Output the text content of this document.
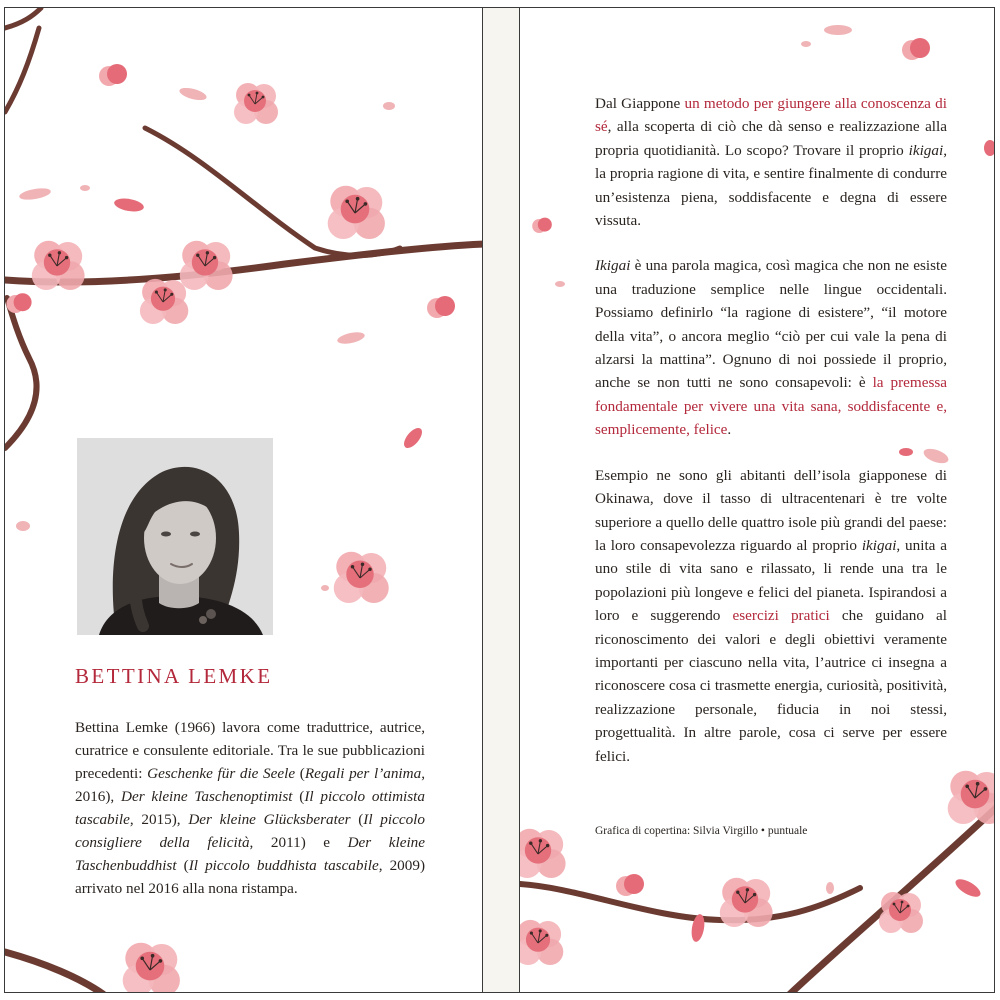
BETTINA LEMKE

Bettina Lemke (1966) lavora come traduttrice, autrice, curatrice e consulente editoriale. Tra le sue pubblicazioni precedenti: Geschenke für die Seele (Regali per l’anima, 2016), Der kleine Taschenoptimist (Il piccolo ottimista tascabile, 2015), Der kleine Glücksberater (Il piccolo consigliere della felicità, 2011) e Der kleine Taschenbuddhist (Il piccolo buddhista tascabile, 2009) arrivato nel 2016 alla nona ristampa.

Dal Giappone un metodo per giungere alla conoscenza di sé, alla scoperta di ciò che dà senso e realizzazione alla propria quotidianità. Lo scopo? Trovare il proprio ikigai, la propria ragione di vita, e sentire finalmente di condurre un’esistenza piena, soddisfacente e degna di essere vissuta.

Ikigai è una parola magica, così magica che non ne esiste una traduzione semplice nelle lingue occidentali. Possiamo definirlo “la ragione di esistere”, “il motore della vita”, o ancora meglio “ciò per cui vale la pena di alzarsi la mattina”. Ognuno di noi possiede il proprio, anche se non tutti ne sono consapevoli: è la premessa fondamentale per vivere una vita sana, soddisfacente e, semplicemente, felice.

Esempio ne sono gli abitanti dell’isola giapponese di Okinawa, dove il tasso di ultracentenari è tre volte superiore a quello delle quattro isole più grandi del paese: la loro consapevolezza riguardo al proprio ikigai, unita a uno stile di vita sano e rilassato, li rende una tra le popolazioni più longeve e felici del pianeta. Ispirandosi a loro e suggerendo esercizi pratici che guidano al riconoscimento dei valori e degli obiettivi veramente importanti per ciascuno nella vita, l’autrice ci insegna a riconoscere cosa ci trasmette energia, curiosità, positività, realizzazione personale, fiducia in noi stessi, progettualità. In altre parole, cosa ci serve per essere felici.

Grafica di copertina: Silvia Virgillo • puntuale
